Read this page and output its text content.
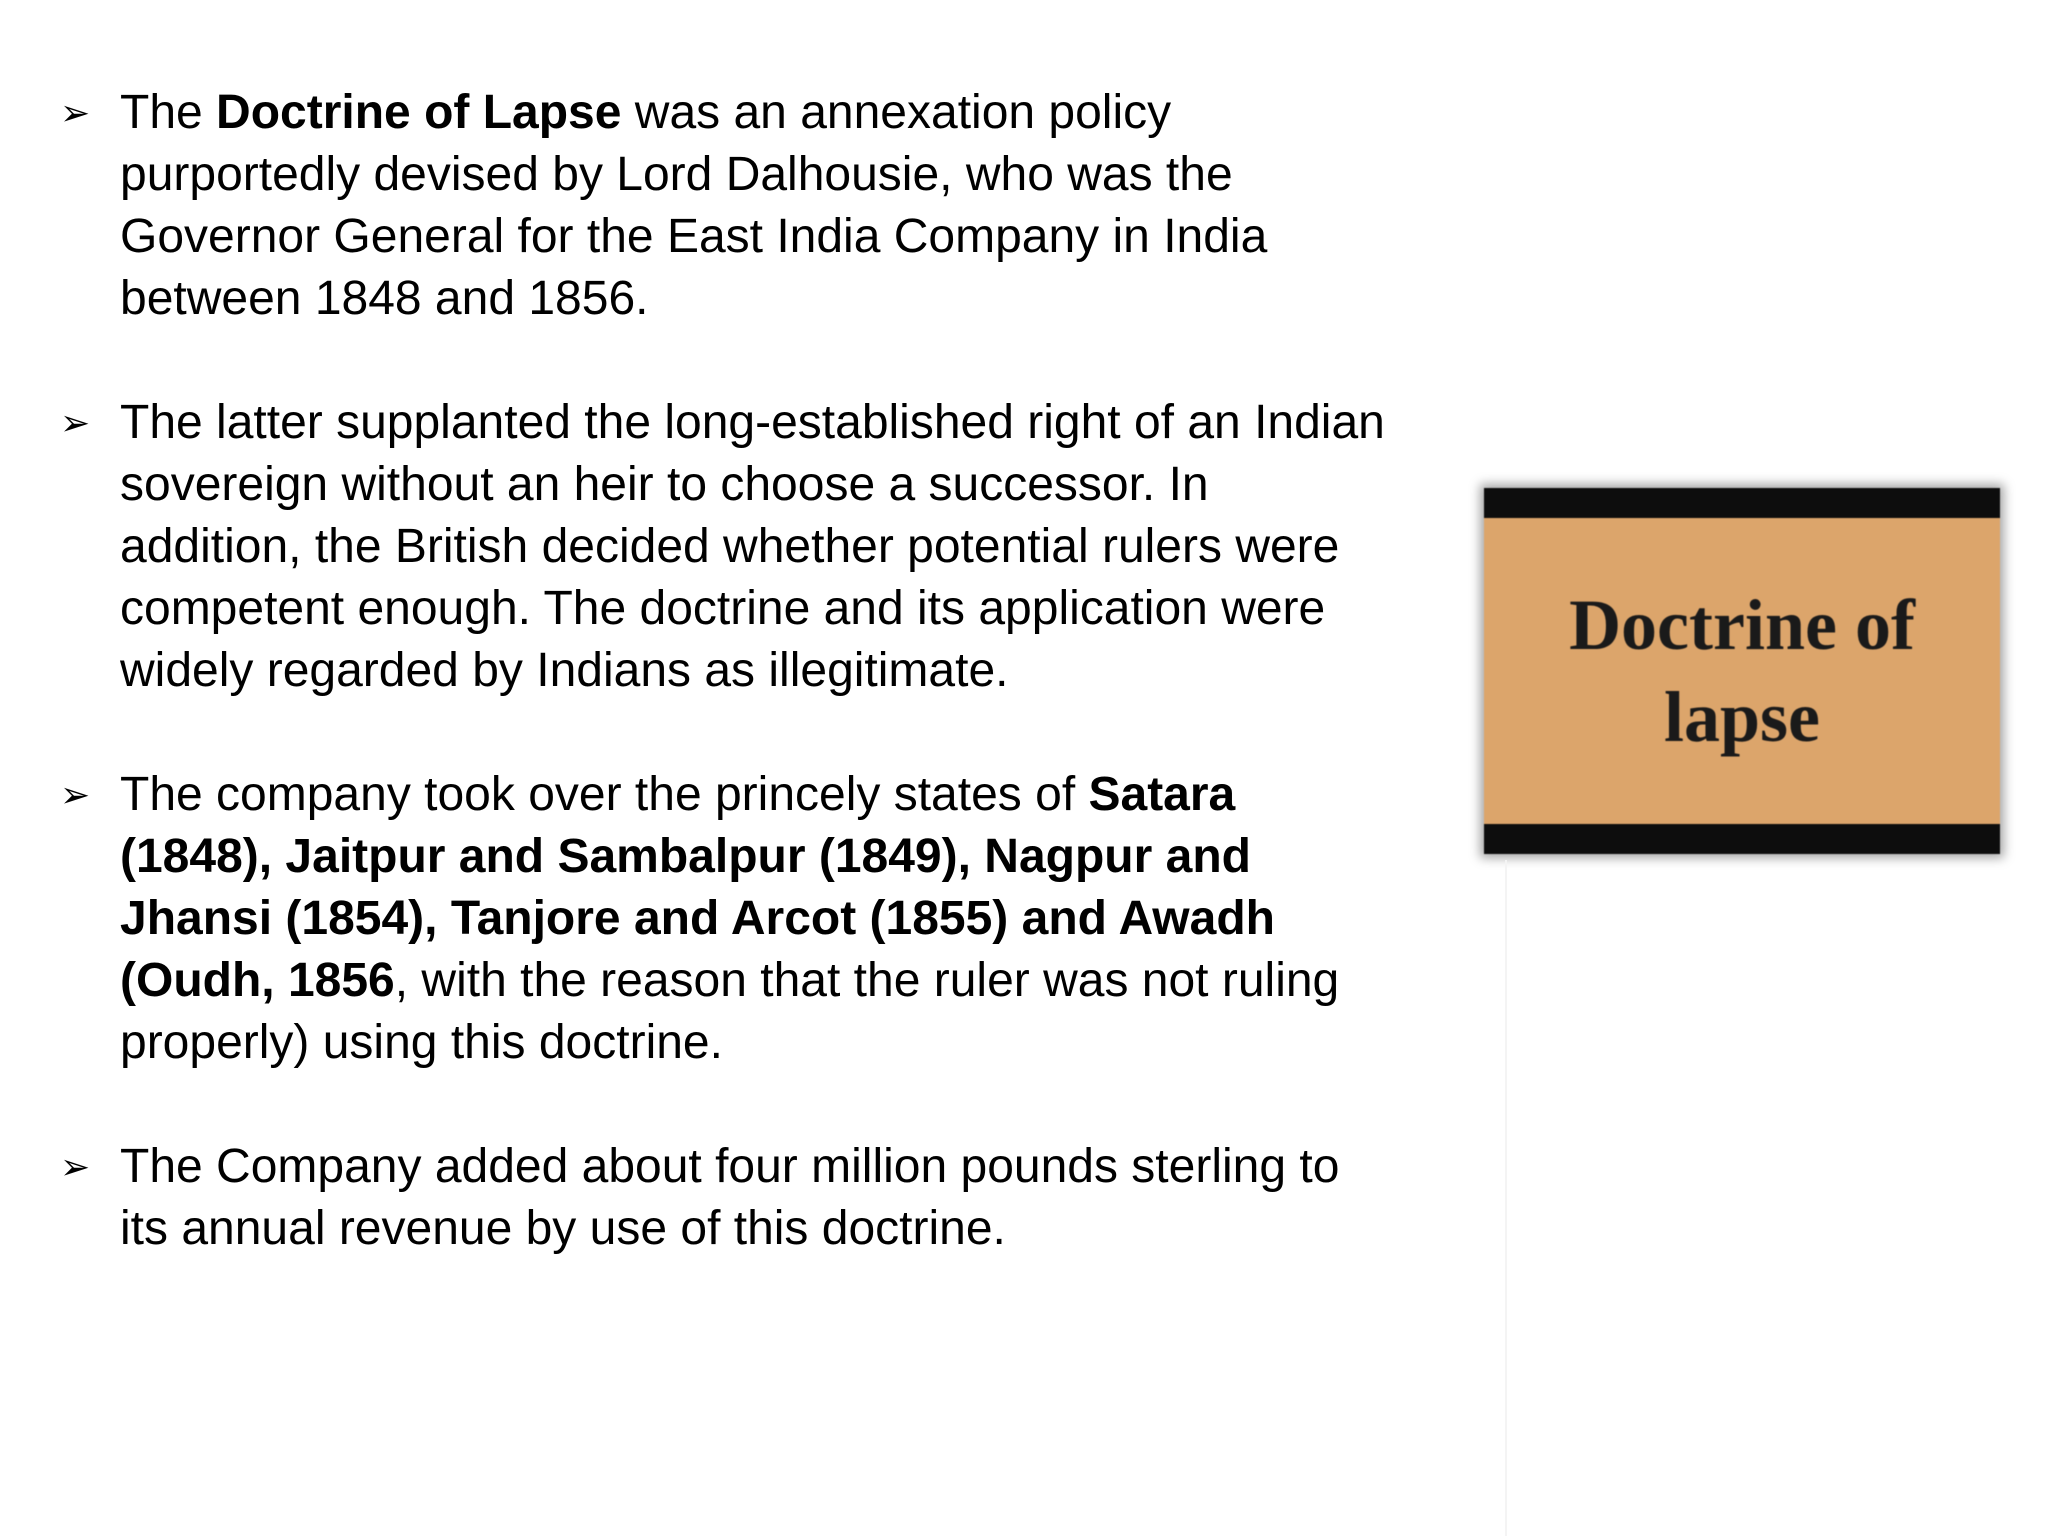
➢ The Doctrine of Lapse was an annexation policy purportedly devised by Lord Dalhousie, who was the Governor General for the East India Company in India between 1848 and 1856.
➢ The latter supplanted the long-established right of an Indian sovereign without an heir to choose a successor. In addition, the British decided whether potential rulers were competent enough. The doctrine and its application were widely regarded by Indians as illegitimate.
➢ The company took over the princely states of Satara (1848), Jaitpur and Sambalpur (1849), Nagpur and Jhansi (1854), Tanjore and Arcot (1855) and Awadh (Oudh, 1856, with the reason that the ruler was not ruling properly) using this doctrine.
➢ The Company added about four million pounds sterling to its annual revenue by use of this doctrine.
Doctrine of
lapse
